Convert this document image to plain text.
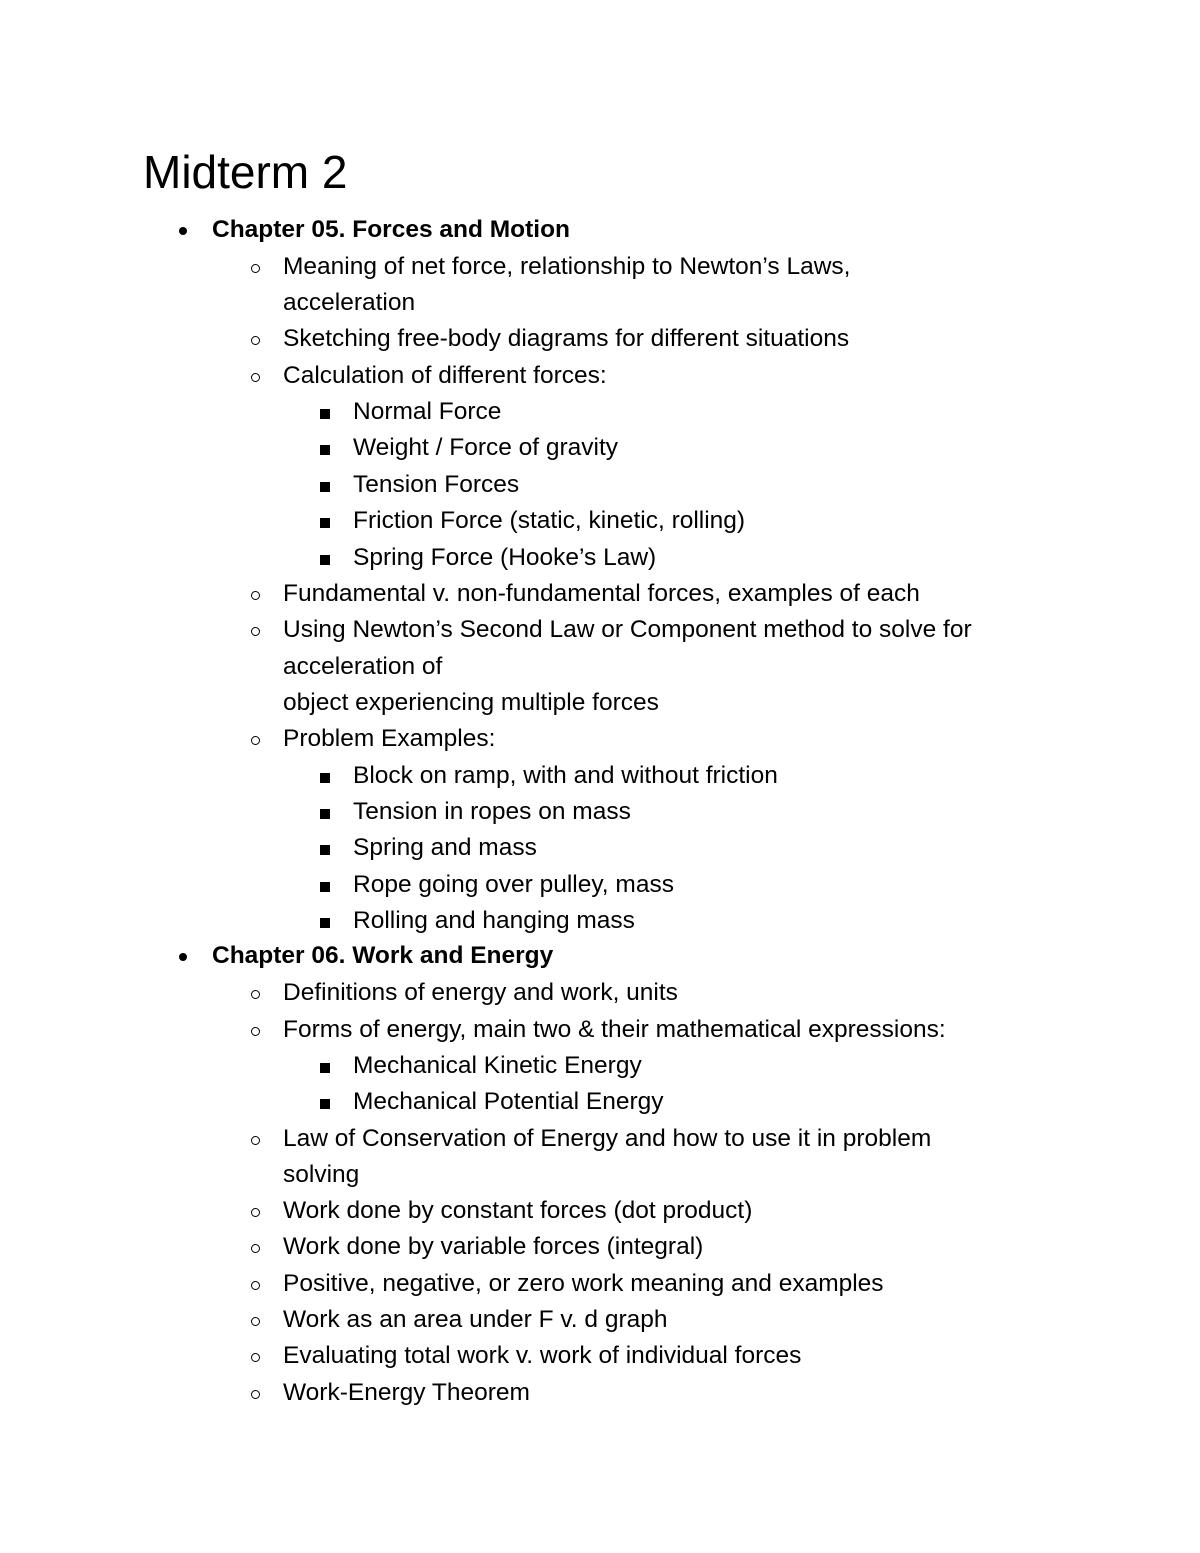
Midterm 2
Chapter 05. Forces and Motion
Meaning of net force, relationship to Newton’s Laws,
acceleration
Sketching free-body diagrams for different situations
Calculation of different forces:
Normal Force
Weight / Force of gravity
Tension Forces
Friction Force (static, kinetic, rolling)
Spring Force (Hooke’s Law)
Fundamental v. non-fundamental forces, examples of each
Using Newton’s Second Law or Component method to solve for
acceleration of
object experiencing multiple forces
Problem Examples:
Block on ramp, with and without friction
Tension in ropes on mass
Spring and mass
Rope going over pulley, mass
Rolling and hanging mass
Chapter 06. Work and Energy
Definitions of energy and work, units
Forms of energy, main two & their mathematical expressions:
Mechanical Kinetic Energy
Mechanical Potential Energy
Law of Conservation of Energy and how to use it in problem
solving
Work done by constant forces (dot product)
Work done by variable forces (integral)
Positive, negative, or zero work meaning and examples
Work as an area under F v. d graph
Evaluating total work v. work of individual forces
Work-Energy Theorem
